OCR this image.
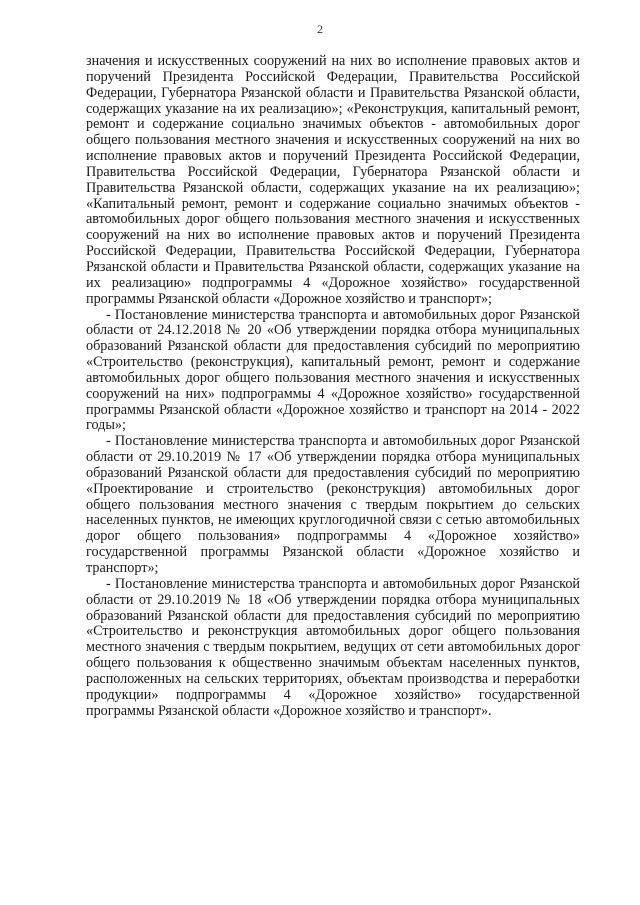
2

значения и искусственных сооружений на них во исполнение правовых актов и поручений Президента Российской Федерации, Правительства Российской Федерации, Губернатора Рязанской области и Правительства Рязанской области, содержащих указание на их реализацию»; «Реконструкция, капитальный ремонт, ремонт и содержание социально значимых объектов - автомобильных дорог общего пользования местного значения и искусственных сооружений на них во исполнение правовых актов и поручений Президента Российской Федерации, Правительства Российской Федерации, Губернатора Рязанской области и Правительства Рязанской области, содержащих указание на их реализацию»; «Капитальный ремонт, ремонт и содержание социально значимых объектов - автомобильных дорог общего пользования местного значения и искусственных сооружений на них во исполнение правовых актов и поручений Президента Российской Федерации, Правительства Российской Федерации, Губернатора Рязанской области и Правительства Рязанской области, содержащих указание на их реализацию» подпрограммы 4 «Дорожное хозяйство» государственной программы Рязанской области «Дорожное хозяйство и транспорт»;

- Постановление министерства транспорта и автомобильных дорог Рязанской области от 24.12.2018 № 20 «Об утверждении порядка отбора муниципальных образований Рязанской области для предоставления субсидий по мероприятию «Строительство (реконструкция), капитальный ремонт, ремонт и содержание автомобильных дорог общего пользования местного значения и искусственных сооружений на них» подпрограммы 4 «Дорожное хозяйство» государственной программы Рязанской области «Дорожное хозяйство и транспорт на 2014 - 2022 годы»;

- Постановление министерства транспорта и автомобильных дорог Рязанской области от 29.10.2019 № 17 «Об утверждении порядка отбора муниципальных образований Рязанской области для предоставления субсидий по мероприятию «Проектирование и строительство (реконструкция) автомобильных дорог общего пользования местного значения с твердым покрытием до сельских населенных пунктов, не имеющих круглогодичной связи с сетью автомобильных дорог общего пользования» подпрограммы 4 «Дорожное хозяйство» государственной программы Рязанской области «Дорожное хозяйство и транспорт»;

- Постановление министерства транспорта и автомобильных дорог Рязанской области от 29.10.2019 № 18 «Об утверждении порядка отбора муниципальных образований Рязанской области для предоставления субсидий по мероприятию «Строительство и реконструкция автомобильных дорог общего пользования местного значения с твердым покрытием, ведущих от сети автомобильных дорог общего пользования к общественно значимым объектам населенных пунктов, расположенных на сельских территориях, объектам производства и переработки продукции» подпрограммы 4 «Дорожное хозяйство» государственной программы Рязанской области «Дорожное хозяйство и транспорт».
